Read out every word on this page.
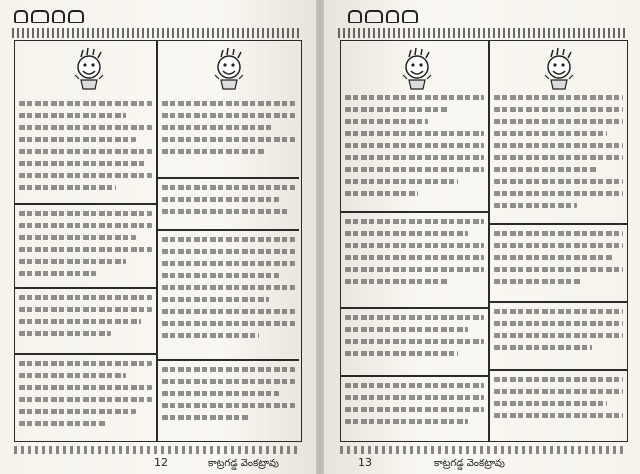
12	కాట్రగడ్డ వెంకట్రావు	13	కాట్రగడ్డ వెంకట్రావు
